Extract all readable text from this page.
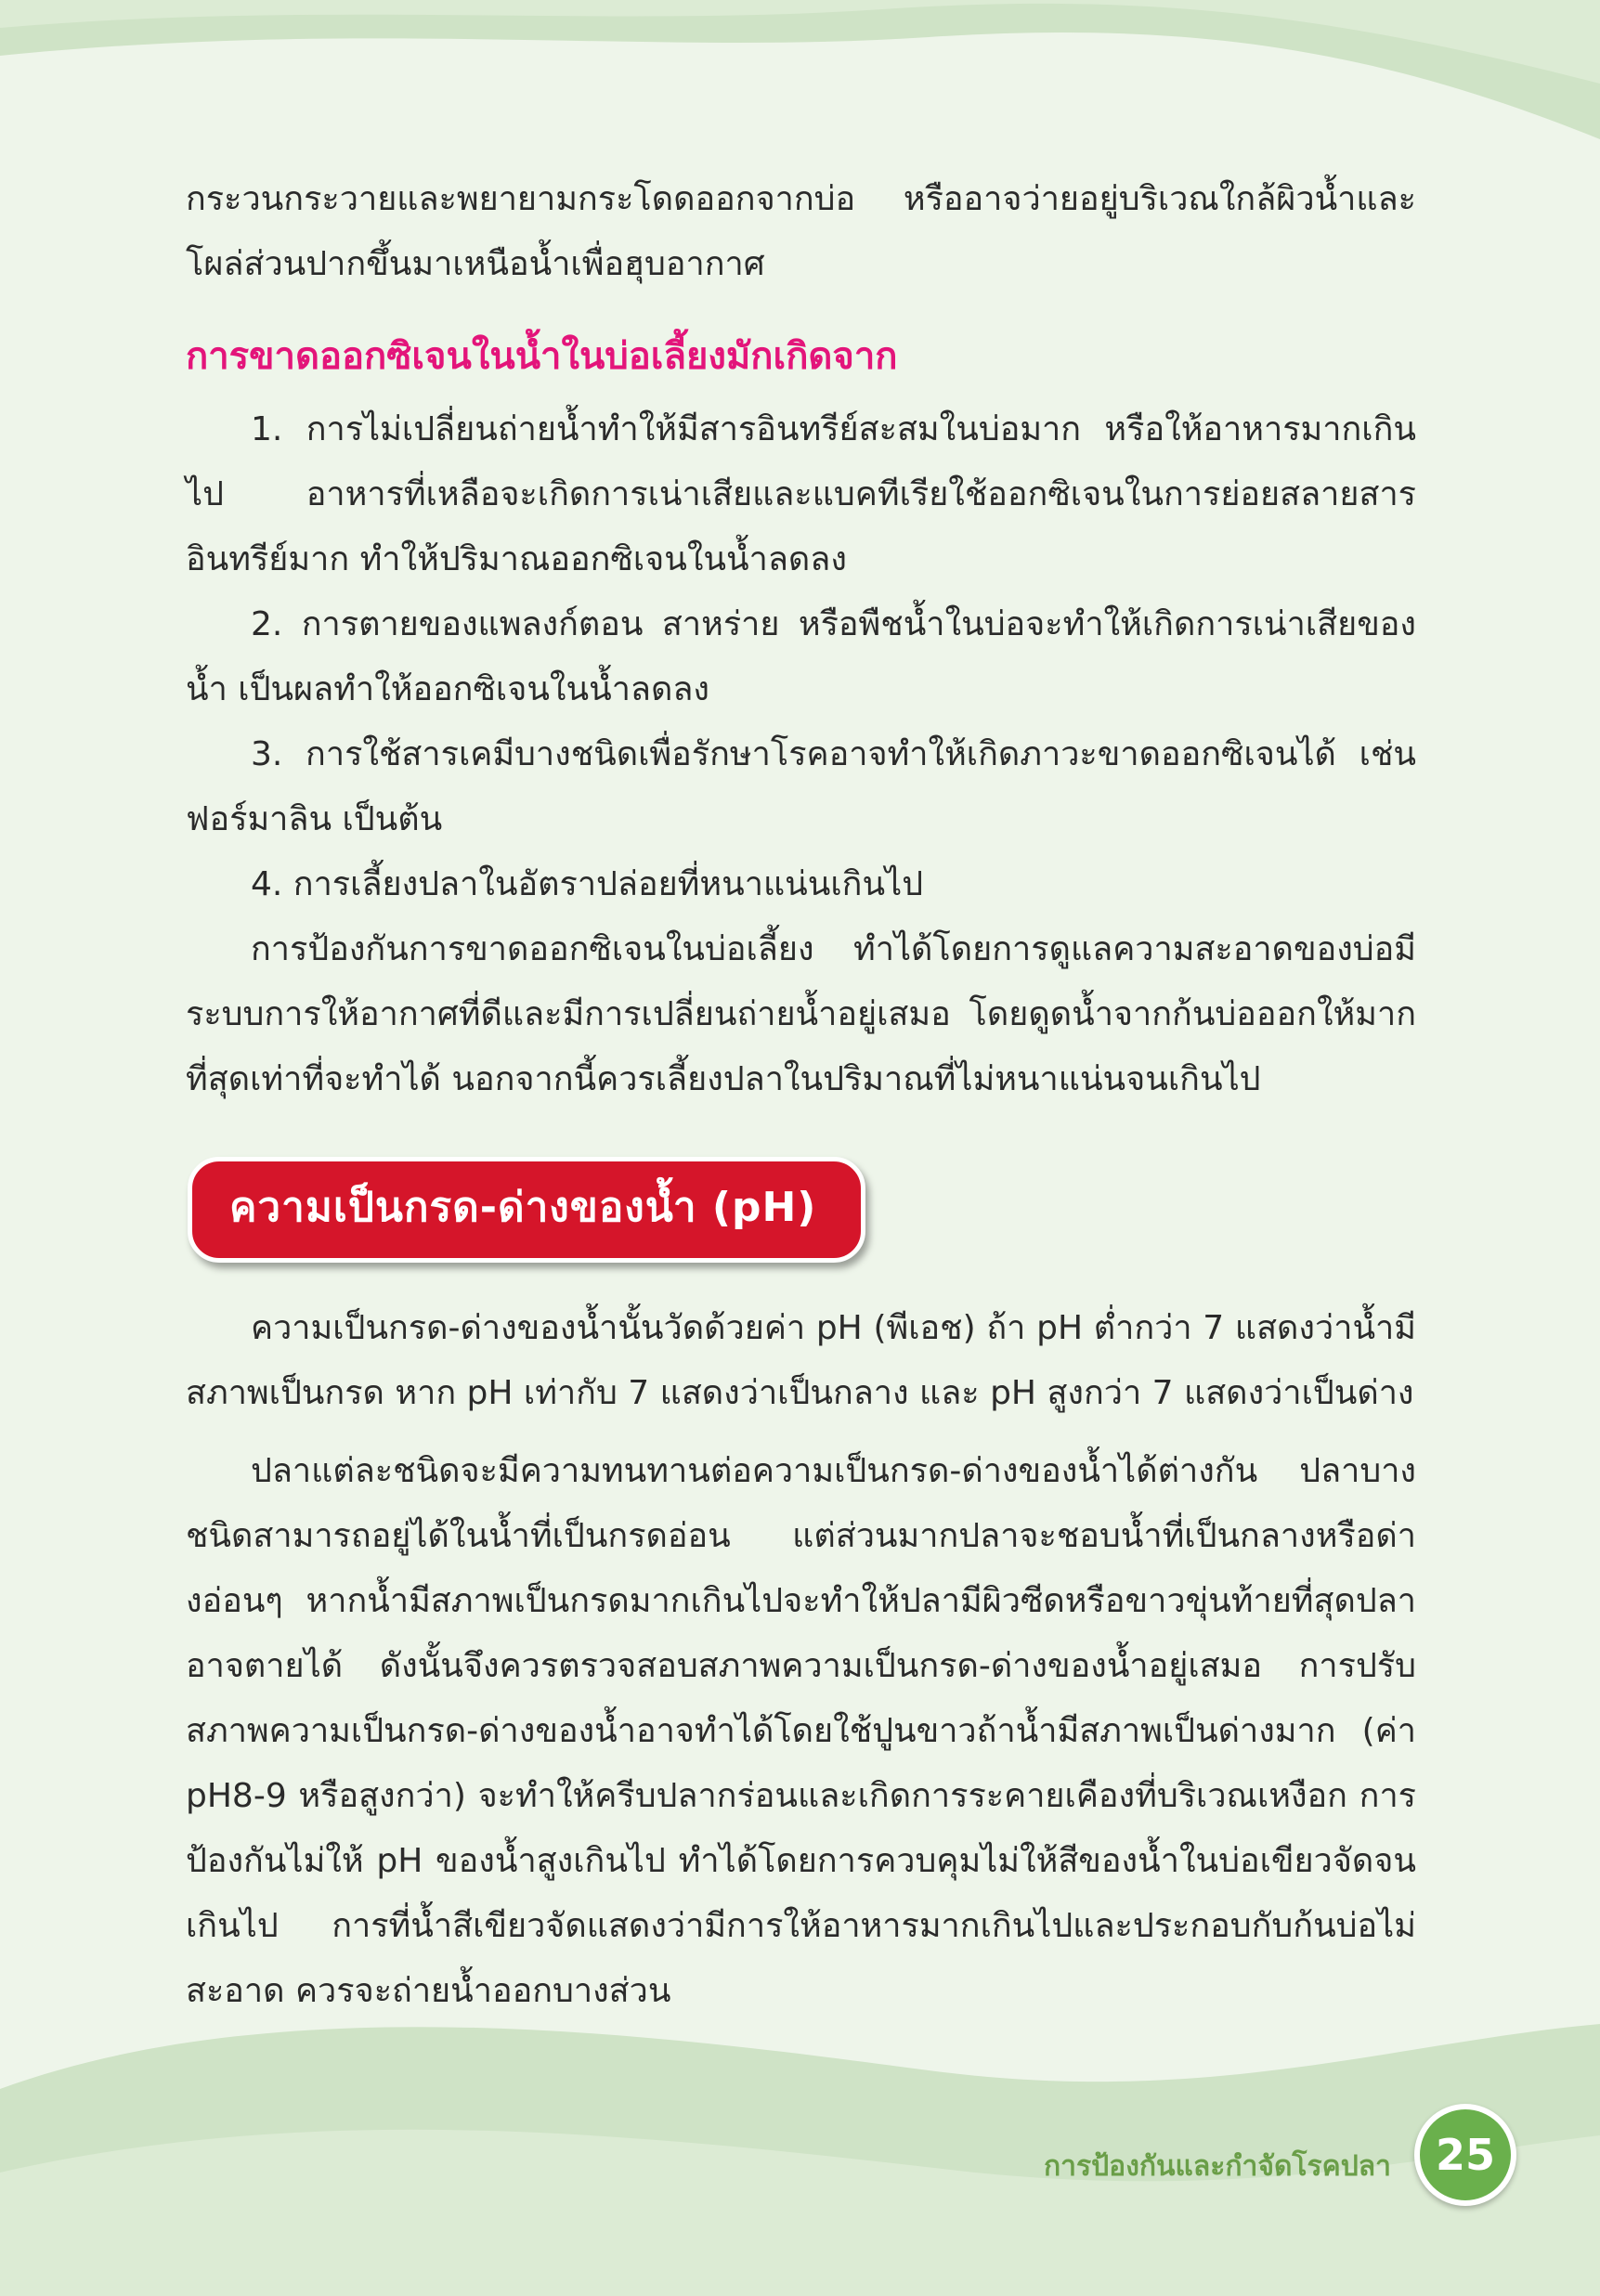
กระวนกระวายและพยายามกระโดดออกจากบ่อ หรืออาจว่ายอยู่บริเวณใกล้ผิวน้ำและโผล่ส่วนปากขึ้นมาเหนือน้ำเพื่อฮุบอากาศ

การขาดออกซิเจนในน้ำในบ่อเลี้ยงมักเกิดจาก

1. การไม่เปลี่ยนถ่ายน้ำทำให้มีสารอินทรีย์สะสมในบ่อมาก หรือให้อาหารมากเกินไป อาหารที่เหลือจะเกิดการเน่าเสียและแบคทีเรียใช้ออกซิเจนในการย่อยสลายสารอินทรีย์มาก ทำให้ปริมาณออกซิเจนในน้ำลดลง

2. การตายของแพลงก์ตอน สาหร่าย หรือพืชน้ำในบ่อจะทำให้เกิดการเน่าเสียของน้ำ เป็นผลทำให้ออกซิเจนในน้ำลดลง

3. การใช้สารเคมีบางชนิดเพื่อรักษาโรคอาจทำให้เกิดภาวะขาดออกซิเจนได้ เช่น ฟอร์มาลิน เป็นต้น

4. การเลี้ยงปลาในอัตราปล่อยที่หนาแน่นเกินไป

การป้องกันการขาดออกซิเจนในบ่อเลี้ยง ทำได้โดยการดูแลความสะอาดของบ่อมีระบบการให้อากาศที่ดีและมีการเปลี่ยนถ่ายน้ำอยู่เสมอ โดยดูดน้ำจากก้นบ่อออกให้มากที่สุดเท่าที่จะทำได้ นอกจากนี้ควรเลี้ยงปลาในปริมาณที่ไม่หนาแน่นจนเกินไป

ความเป็นกรด-ด่างของน้ำ (pH)

ความเป็นกรด-ด่างของน้ำนั้นวัดด้วยค่า pH (พีเอช) ถ้า pH ต่ำกว่า 7 แสดงว่าน้ำมีสภาพเป็นกรด หาก pH เท่ากับ 7 แสดงว่าเป็นกลาง และ pH สูงกว่า 7 แสดงว่าเป็นด่าง

ปลาแต่ละชนิดจะมีความทนทานต่อความเป็นกรด-ด่างของน้ำได้ต่างกัน ปลาบางชนิดสามารถอยู่ได้ในน้ำที่เป็นกรดอ่อน แต่ส่วนมากปลาจะชอบน้ำที่เป็นกลางหรือด่างอ่อนๆ หากน้ำมีสภาพเป็นกรดมากเกินไปจะทำให้ปลามีผิวซีดหรือขาวขุ่นท้ายที่สุดปลาอาจตายได้ ดังนั้นจึงควรตรวจสอบสภาพความเป็นกรด-ด่างของน้ำอยู่เสมอ การปรับสภาพความเป็นกรด-ด่างของน้ำอาจทำได้โดยใช้ปูนขาวถ้าน้ำมีสภาพเป็นด่างมาก (ค่า pH8-9 หรือสูงกว่า) จะทำให้ครีบปลากร่อนและเกิดการระคายเคืองที่บริเวณเหงือก การป้องกันไม่ให้ pH ของน้ำสูงเกินไป ทำได้โดยการควบคุมไม่ให้สีของน้ำในบ่อเขียวจัดจนเกินไป การที่น้ำสีเขียวจัดแสดงว่ามีการให้อาหารมากเกินไปและประกอบกับก้นบ่อไม่สะอาด ควรจะถ่ายน้ำออกบางส่วน

การป้องกันและกำจัดโรคปลา	25
